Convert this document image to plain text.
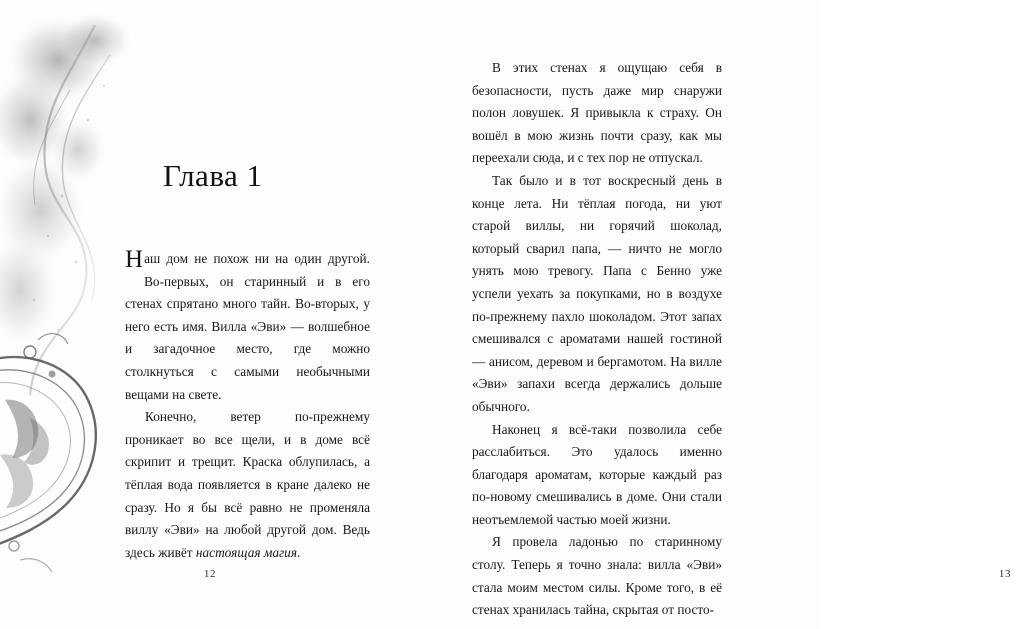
Глава 1

Наш дом не похож ни на один другой. Во-первых, он старинный и в его стенах спрятано много тайн. Во-вторых, у него есть имя. Вилла «Эви» — волшебное и загадочное место, где можно столкнуться с самыми необычными вещами на свете.

Конечно, ветер по-прежнему проникает во все щели, и в доме всё скрипит и трещит. Краска облупилась, а тёплая вода появляется в кране далеко не сразу. Но я бы всё равно не променяла виллу «Эви» на любой другой дом. Ведь здесь живёт настоящая магия.

12

В этих стенах я ощущаю себя в безопасности, пусть даже мир снаружи полон ловушек. Я привыкла к страху. Он вошёл в мою жизнь почти сразу, как мы переехали сюда, и с тех пор не отпускал.

Так было и в тот воскресный день в конце лета. Ни тёплая погода, ни уют старой виллы, ни горячий шоколад, который сварил папа, — ничто не могло унять мою тревогу. Папа с Бенно уже успели уехать за покупками, но в воздухе по-прежнему пахло шоколадом. Этот запах смешивался с ароматами нашей гостиной — анисом, деревом и бергамотом. На вилле «Эви» запахи всегда держались дольше обычного.

Наконец я всё-таки позволила себе расслабиться. Это удалось именно благодаря ароматам, которые каждый раз по-новому смешивались в доме. Они стали неотъемлемой частью моей жизни.

Я провела ладонью по старинному столу. Теперь я точно знала: вилла «Эви» стала моим местом силы. Кроме того, в её стенах хранилась тайна, скрытая от посто-

13
